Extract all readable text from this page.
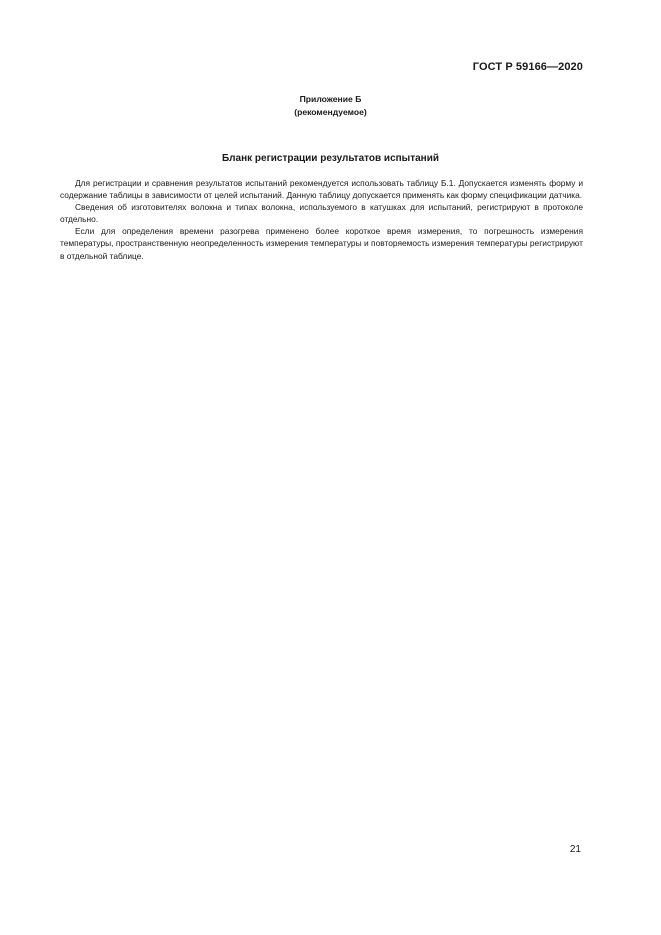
ГОСТ Р 59166—2020
Приложение Б
(рекомендуемое)
Бланк регистрации результатов испытаний

Для регистрации и сравнения результатов испытаний рекомендуется использовать таблицу Б.1. Допускается изменять форму и содержание таблицы в зависимости от целей испытаний. Данную таблицу допускается применять как форму спецификации датчика.

Сведения об изготовителях волокна и типах волокна, используемого в катушках для испытаний, регистрируют в протоколе отдельно.

Если для определения времени разогрева применено более короткое время измерения, то погрешность измерения температуры, пространственную неопределенность измерения температуры и повторяемость измерения температуры регистрируют в отдельной таблице.

21
